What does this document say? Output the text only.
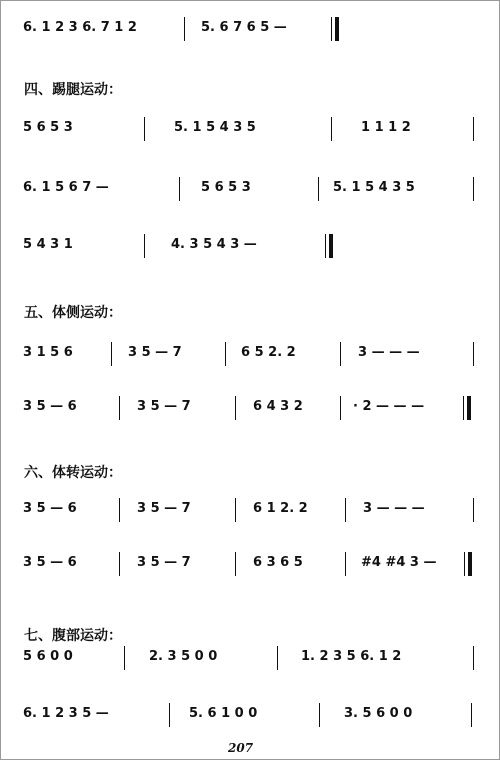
6. 1 2 3 6. 7 1 2	5. 6 7 6 5 —
四、踢腿运动：
5 6 5 3	5. 1 5 4 3 5	1 1 1 2
6. 1 5 6 7 —	5 6 5 3	5. 1 5 4 3 5
5 4 3 1	4. 3 5 4 3 —
五、体侧运动：
3 1 5 6	3 5 — 7	6 5 2. 2	3 — — —
3 5 — 6	3 5 — 7	6 4 3 2	· 2 — — —
六、体转运动：
3 5 — 6	3 5 — 7	6 1 2. 2	3 — — —
3 5 — 6	3 5 — 7	6 3 6 5	#4 #4 3 —
七、腹部运动：
5 6 0 0	2. 3 5 0 0	1. 2 3 5 6. 1 2
6. 1 2 3 5 —	5. 6 1 0 0	3. 5 6 0 0
207
